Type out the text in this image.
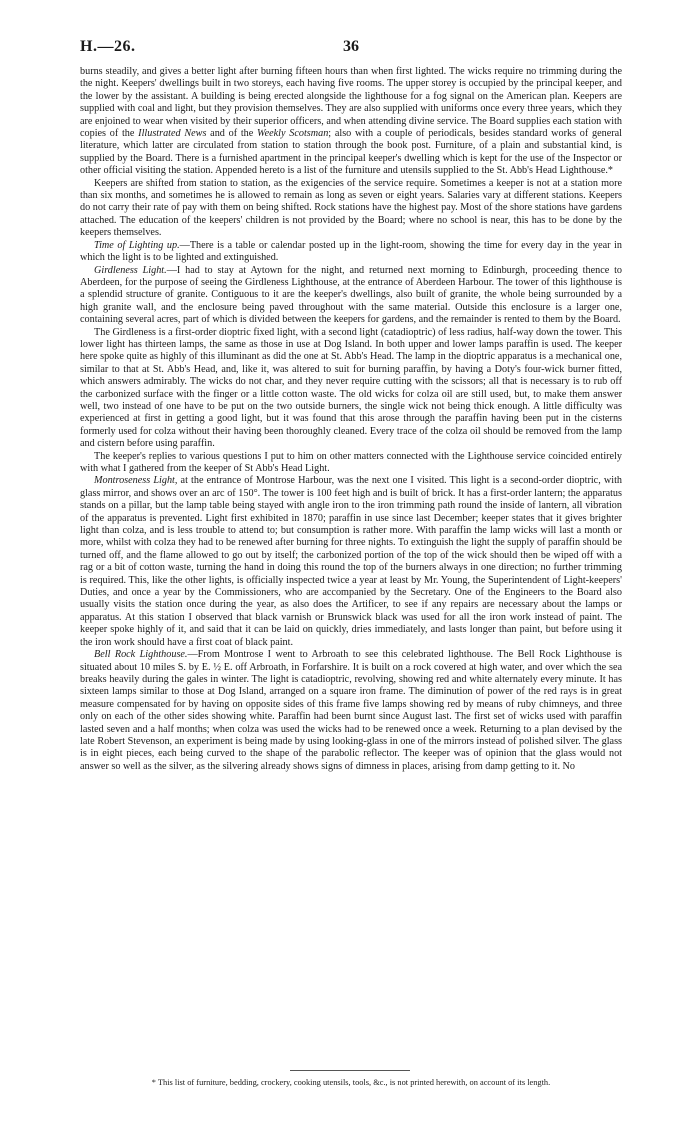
H.—26.	36

burns steadily, and gives a better light after burning fifteen hours than when first lighted. The wicks require no trimming during the the night. Keepers' dwellings built in two storeys, each having five rooms. The upper storey is occupied by the principal keeper, and the lower by the assistant. A building is being erected alongside the lighthouse for a fog signal on the American plan. Keepers are supplied with coal and light, but they provision themselves. They are also supplied with uniforms once every three years, which they are enjoined to wear when visited by their superior officers, and when attending divine service. The Board supplies each station with copies of the Illustrated News and of the Weekly Scotsman; also with a couple of periodicals, besides standard works of general literature, which latter are circulated from station to station through the book post. Furniture, of a plain and substantial kind, is supplied by the Board. There is a furnished apartment in the principal keeper's dwelling which is kept for the use of the Inspector or other official visiting the station. Appended hereto is a list of the furniture and utensils supplied to the St. Abb's Head Lighthouse.*

Keepers are shifted from station to station, as the exigencies of the service require. Sometimes a keeper is not at a station more than six months, and sometimes he is allowed to remain as long as seven or eight years. Salaries vary at different stations. Keepers do not carry their rate of pay with them on being shifted. Rock stations have the highest pay. Most of the shore stations have gardens attached. The education of the keepers' children is not provided by the Board; where no school is near, this has to be done by the keepers themselves.

Time of Lighting up.—There is a table or calendar posted up in the light-room, showing the time for every day in the year in which the light is to be lighted and extinguished.

Girdleness Light.—I had to stay at Aytown for the night, and returned next morning to Edinburgh, proceeding thence to Aberdeen, for the purpose of seeing the Girdleness Lighthouse, at the entrance of Aberdeen Harbour. The tower of this lighthouse is a splendid structure of granite. Contiguous to it are the keeper's dwellings, also built of granite, the whole being surrounded by a high granite wall, and the enclosure being paved throughout with the same material. Outside this enclosure is a larger one, containing several acres, part of which is divided between the keepers for gardens, and the remainder is rented to them by the Board.

The Girdleness is a first-order dioptric fixed light, with a second light (catadioptric) of less radius, half-way down the tower. This lower light has thirteen lamps, the same as those in use at Dog Island. In both upper and lower lamps paraffin is used. The keeper here spoke quite as highly of this illuminant as did the one at St. Abb's Head. The lamp in the dioptric apparatus is a mechanical one, similar to that at St. Abb's Head, and, like it, was altered to suit for burning paraffin, by having a Doty's four-wick burner fitted, which answers admirably. The wicks do not char, and they never require cutting with the scissors; all that is necessary is to rub off the carbonized surface with the finger or a little cotton waste. The old wicks for colza oil are still used, but, to make them answer well, two instead of one have to be put on the two outside burners, the single wick not being thick enough. A little difficulty was experienced at first in getting a good light, but it was found that this arose through the paraffin having been put in the cisterns formerly used for colza without their having been thoroughly cleaned. Every trace of the colza oil should be removed from the lamp and cistern before using paraffin.

The keeper's replies to various questions I put to him on other matters connected with the Lighthouse service coincided entirely with what I gathered from the keeper of St Abb's Head Light.

Montroseness Light, at the entrance of Montrose Harbour, was the next one I visited. This light is a second-order dioptric, with glass mirror, and shows over an arc of 150°. The tower is 100 feet high and is built of brick. It has a first-order lantern; the apparatus stands on a pillar, but the lamp table being stayed with angle iron to the iron trimming path round the inside of lantern, all vibration of the apparatus is prevented. Light first exhibited in 1870; paraffin in use since last December; keeper states that it gives brighter light than colza, and is less trouble to attend to; but consumption is rather more. With paraffin the lamp wicks will last a month or more, whilst with colza they had to be renewed after burning for three nights. To extinguish the light the supply of paraffin should be turned off, and the flame allowed to go out by itself; the carbonized portion of the top of the wick should then be wiped off with a rag or a bit of cotton waste, turning the hand in doing this round the top of the burners always in one direction; no further trimming is required. This, like the other lights, is officially inspected twice a year at least by Mr. Young, the Superintendent of Light-keepers' Duties, and once a year by the Commissioners, who are accompanied by the Secretary. One of the Engineers to the Board also usually visits the station once during the year, as also does the Artificer, to see if any repairs are necessary about the lamps or apparatus. At this station I observed that black varnish or Brunswick black was used for all the iron work instead of paint. The keeper spoke highly of it, and said that it can be laid on quickly, dries immediately, and lasts longer than paint, but before using it the iron work should have a first coat of black paint.

Bell Rock Lighthouse.—From Montrose I went to Arbroath to see this celebrated lighthouse. The Bell Rock Lighthouse is situated about 10 miles S. by E. ½ E. off Arbroath, in Forfarshire. It is built on a rock covered at high water, and over which the sea breaks heavily during the gales in winter. The light is catadioptric, revolving, showing red and white alternately every minute. It has sixteen lamps similar to those at Dog Island, arranged on a square iron frame. The diminution of power of the red rays is in great measure compensated for by having on opposite sides of this frame five lamps showing red by means of ruby chimneys, and three only on each of the other sides showing white. Paraffin had been burnt since August last. The first set of wicks used with paraffin lasted seven and a half months; when colza was used the wicks had to be renewed once a week. Returning to a plan devised by the late Robert Stevenson, an experiment is being made by using looking-glass in one of the mirrors instead of polished silver. The glass is in eight pieces, each being curved to the shape of the parabolic reflector. The keeper was of opinion that the glass would not answer so well as the silver, as the silvering already shows signs of dimness in places, arising from damp getting to it. No

* This list of furniture, bedding, crockery, cooking utensils, tools, &c., is not printed herewith, on account of its length.
